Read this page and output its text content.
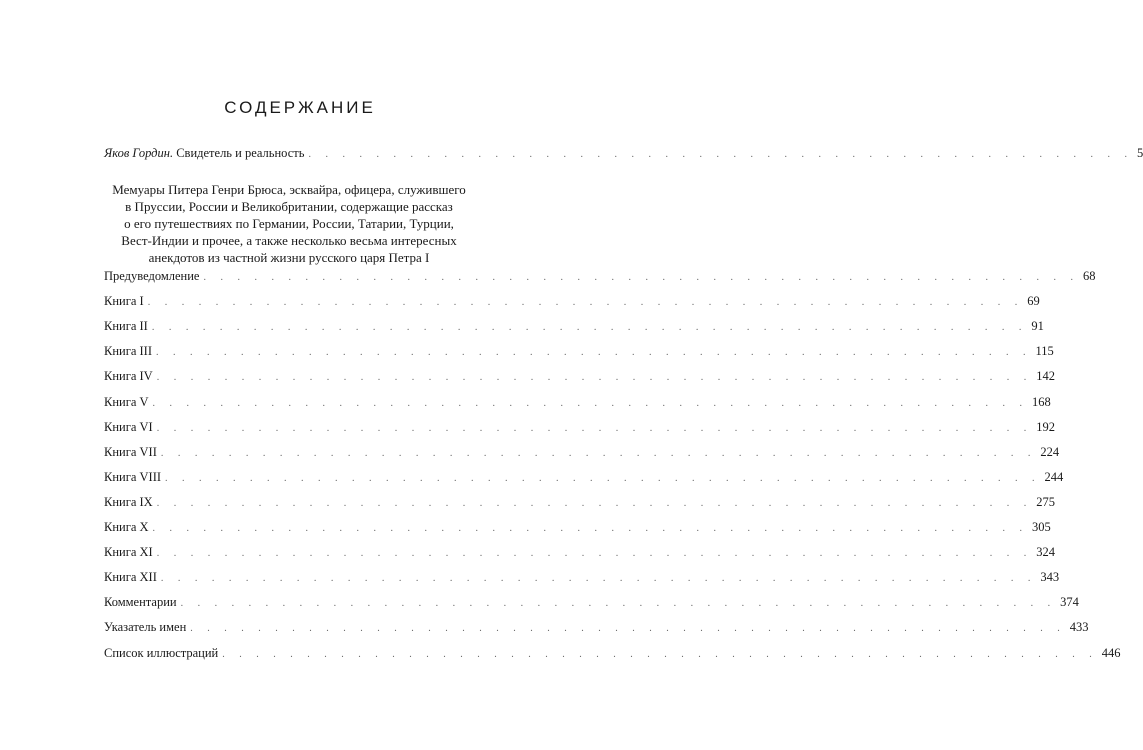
СОДЕРЖАНИЕ
Яков Гордин. Свидетель и реальность . . . . . . . . . . . . . . . . . . . . . . . . . . . . . . . . . . . . . . . . . . . . . . . . . 5
Мемуары Питера Генри Брюса, эсквайра, офицера, служившего
в Пруссии, России и Великобритании, содержащие рассказ
о его путешествиях по Германии, России, Татарии, Турции,
Вест-Индии и прочее, а также несколько весьма интересных
анекдотов из частной жизни русского царя Петра I
Предуведомление . . . . . . . . . . . . . . . . . . . . . . . . . . . . . . . . . . . . . . . . . . . . . . . . . . . . 68
Книга I . . . . . . . . . . . . . . . . . . . . . . . . . . . . . . . . . . . . . . . . . . . . . . . . . . . . 69
Книга II . . . . . . . . . . . . . . . . . . . . . . . . . . . . . . . . . . . . . . . . . . . . . . . . . . . . 91
Книга III . . . . . . . . . . . . . . . . . . . . . . . . . . . . . . . . . . . . . . . . . . . . . . . . . . . . 115
Книга IV . . . . . . . . . . . . . . . . . . . . . . . . . . . . . . . . . . . . . . . . . . . . . . . . . . . . 142
Книга V . . . . . . . . . . . . . . . . . . . . . . . . . . . . . . . . . . . . . . . . . . . . . . . . . . . . 168
Книга VI . . . . . . . . . . . . . . . . . . . . . . . . . . . . . . . . . . . . . . . . . . . . . . . . . . . . 192
Книга VII . . . . . . . . . . . . . . . . . . . . . . . . . . . . . . . . . . . . . . . . . . . . . . . . . . . . 224
Книга VIII . . . . . . . . . . . . . . . . . . . . . . . . . . . . . . . . . . . . . . . . . . . . . . . . . . . . 244
Книга IX . . . . . . . . . . . . . . . . . . . . . . . . . . . . . . . . . . . . . . . . . . . . . . . . . . . . 275
Книга X . . . . . . . . . . . . . . . . . . . . . . . . . . . . . . . . . . . . . . . . . . . . . . . . . . . . 305
Книга XI . . . . . . . . . . . . . . . . . . . . . . . . . . . . . . . . . . . . . . . . . . . . . . . . . . . . 324
Книга XII . . . . . . . . . . . . . . . . . . . . . . . . . . . . . . . . . . . . . . . . . . . . . . . . . . . . 343
Комментарии . . . . . . . . . . . . . . . . . . . . . . . . . . . . . . . . . . . . . . . . . . . . . . . . . . . . 374
Указатель имен . . . . . . . . . . . . . . . . . . . . . . . . . . . . . . . . . . . . . . . . . . . . . . . . . . . . 433
Список иллюстраций . . . . . . . . . . . . . . . . . . . . . . . . . . . . . . . . . . . . . . . . . . . . . . . . . . . . 446
